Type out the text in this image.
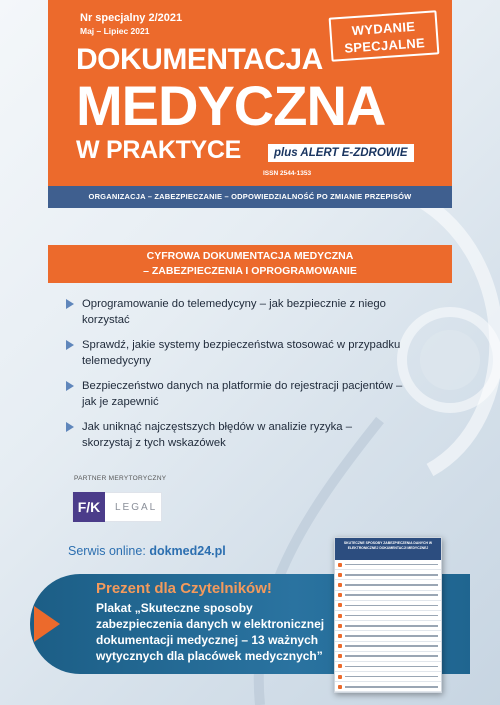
Nr specjalny 2/2021
Maj – Lipiec 2021	WYDANIE
SPECJALNE
DOKUMENTACJA
MEDYCZNA
W PRAKTYCE	plus ALERT E-ZDROWIE
ISSN 2544-1353
ORGANIZACJA – ZABEZPIECZANIE – ODPOWIEDZIALNOŚĆ PO ZMIANIE PRZEPISÓW
CYFROWA DOKUMENTACJA MEDYCZNA
– ZABEZPIECZENIA I OPROGRAMOWANIE
Oprogramowanie do telemedycyny – jak bezpiecznie z niego korzystać
Sprawdź, jakie systemy bezpieczeństwa stosować w przypadku telemedycyny
Bezpieczeństwo danych na platformie do rejestracji pacjentów – jak je zapewnić
Jak uniknąć najczęstszych błędów w analizie ryzyka – skorzystaj z tych wskazówek
PARTNER MERYTORYCZNY
F/K	LEGAL
Serwis online: dokmed24.pl
Prezent dla Czytelników!
Plakat „Skuteczne sposoby zabezpieczenia danych w elektronicznej dokumentacji medycznej – 13 ważnych wytycznych dla placówek medycznych”
SKUTECZNE SPOSOBY ZABEZPIECZENIA DANYCH W ELEKTRONICZNEJ DOKUMENTACJI MEDYCZNEJ
